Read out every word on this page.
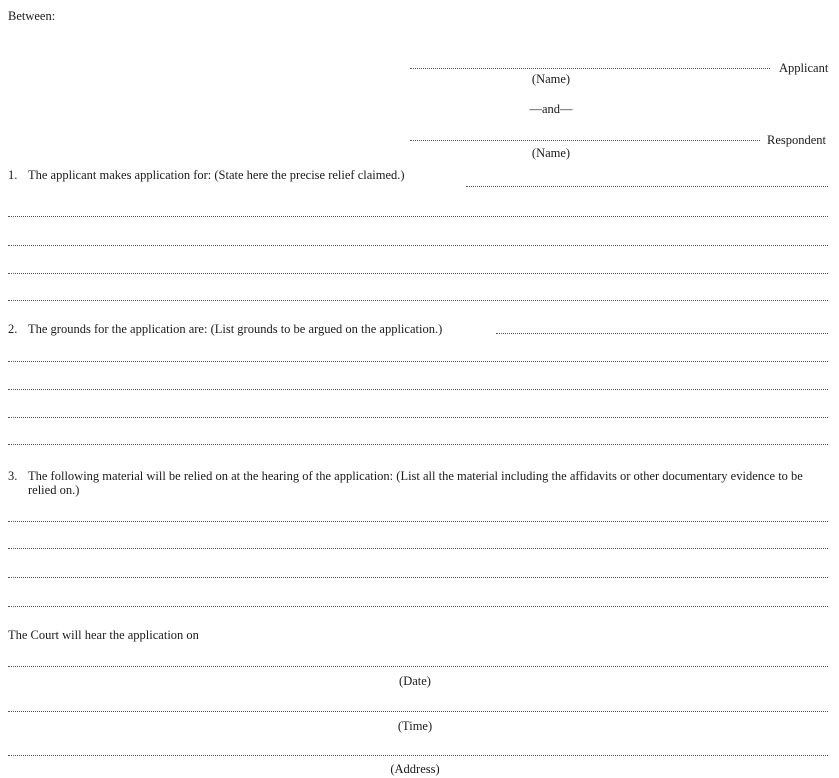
Between:
Applicant
(Name)
—and—
Respondent
(Name)
1. The applicant makes application for: (State here the precise relief claimed.)
2. The grounds for the application are: (List grounds to be argued on the application.)
3. The following material will be relied on at the hearing of the application: (List all the material including the affidavits or other documentary evidence to be relied on.)
The Court will hear the application on
(Date)
(Time)
(Address)
